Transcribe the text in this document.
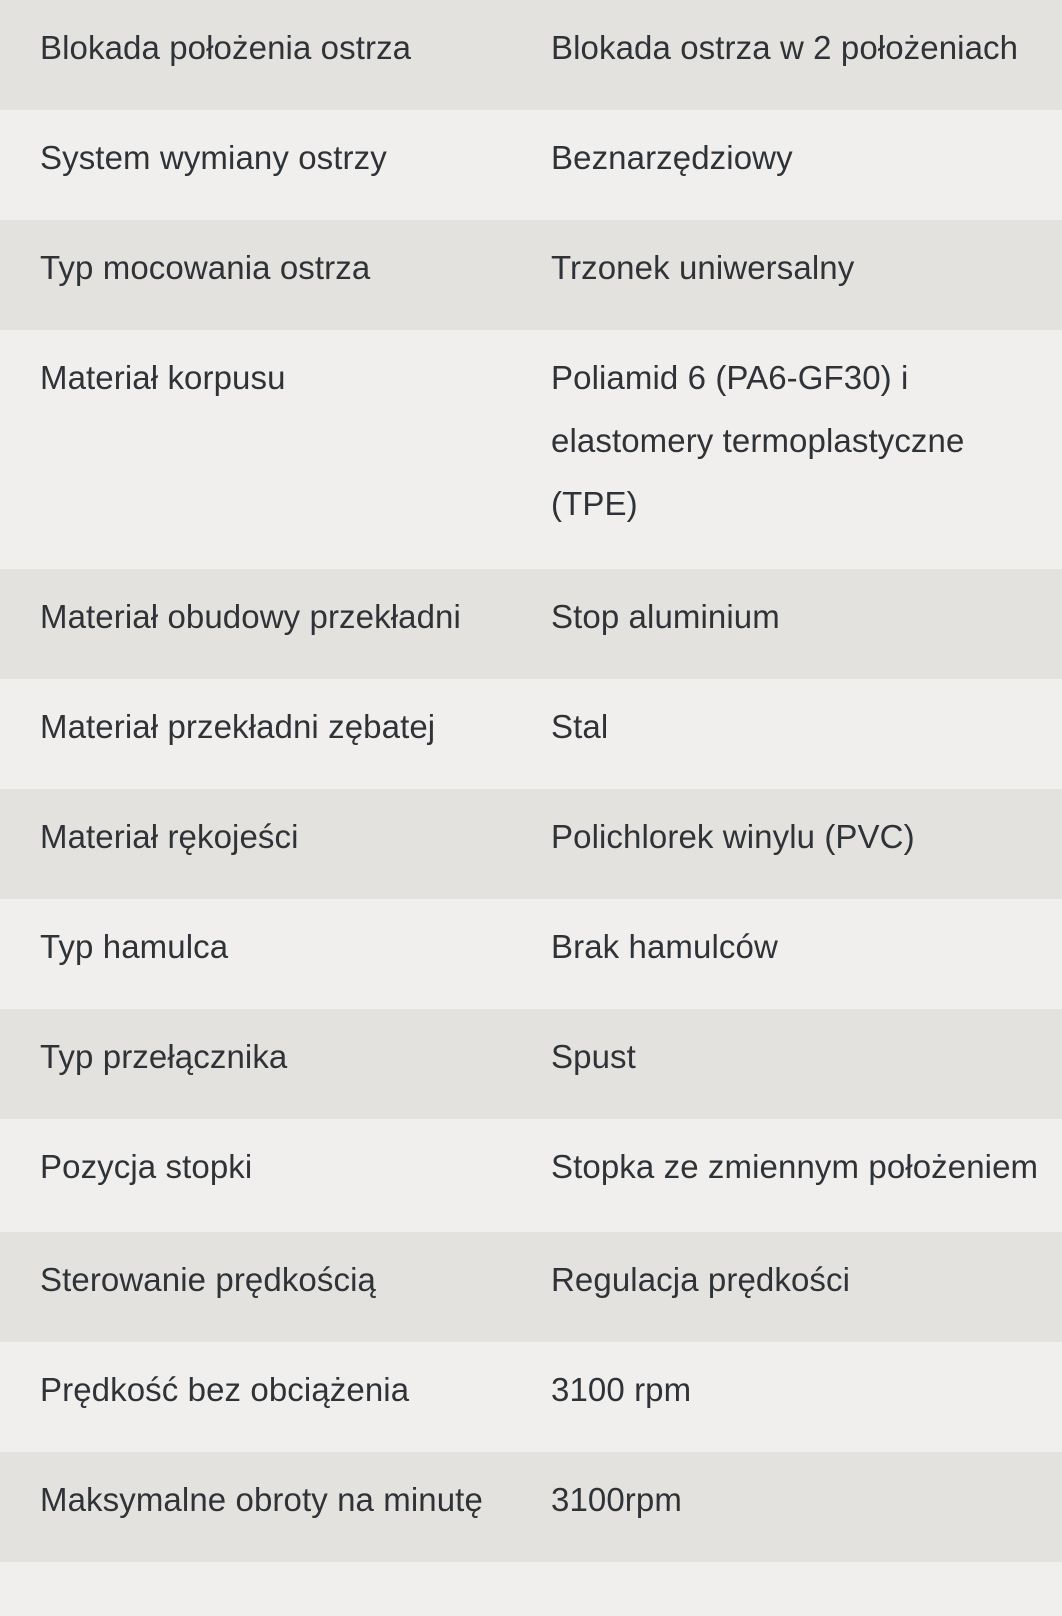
Blokada położenia ostrza	Blokada ostrza w 2 położeniach
System wymiany ostrzy	Beznarzędziowy
Typ mocowania ostrza	Trzonek uniwersalny
Materiał korpusu	Poliamid 6 (PA6-GF30) i elastomery termoplastyczne (TPE)
Materiał obudowy przekładni	Stop aluminium
Materiał przekładni zębatej	Stal
Materiał rękojeści	Polichlorek winylu (PVC)
Typ hamulca	Brak hamulców
Typ przełącznika	Spust
Pozycja stopki	Stopka ze zmiennym położeniem
Sterowanie prędkością	Regulacja prędkości
Prędkość bez obciążenia	3100 rpm
Maksymalne obroty na minutę	3100rpm
